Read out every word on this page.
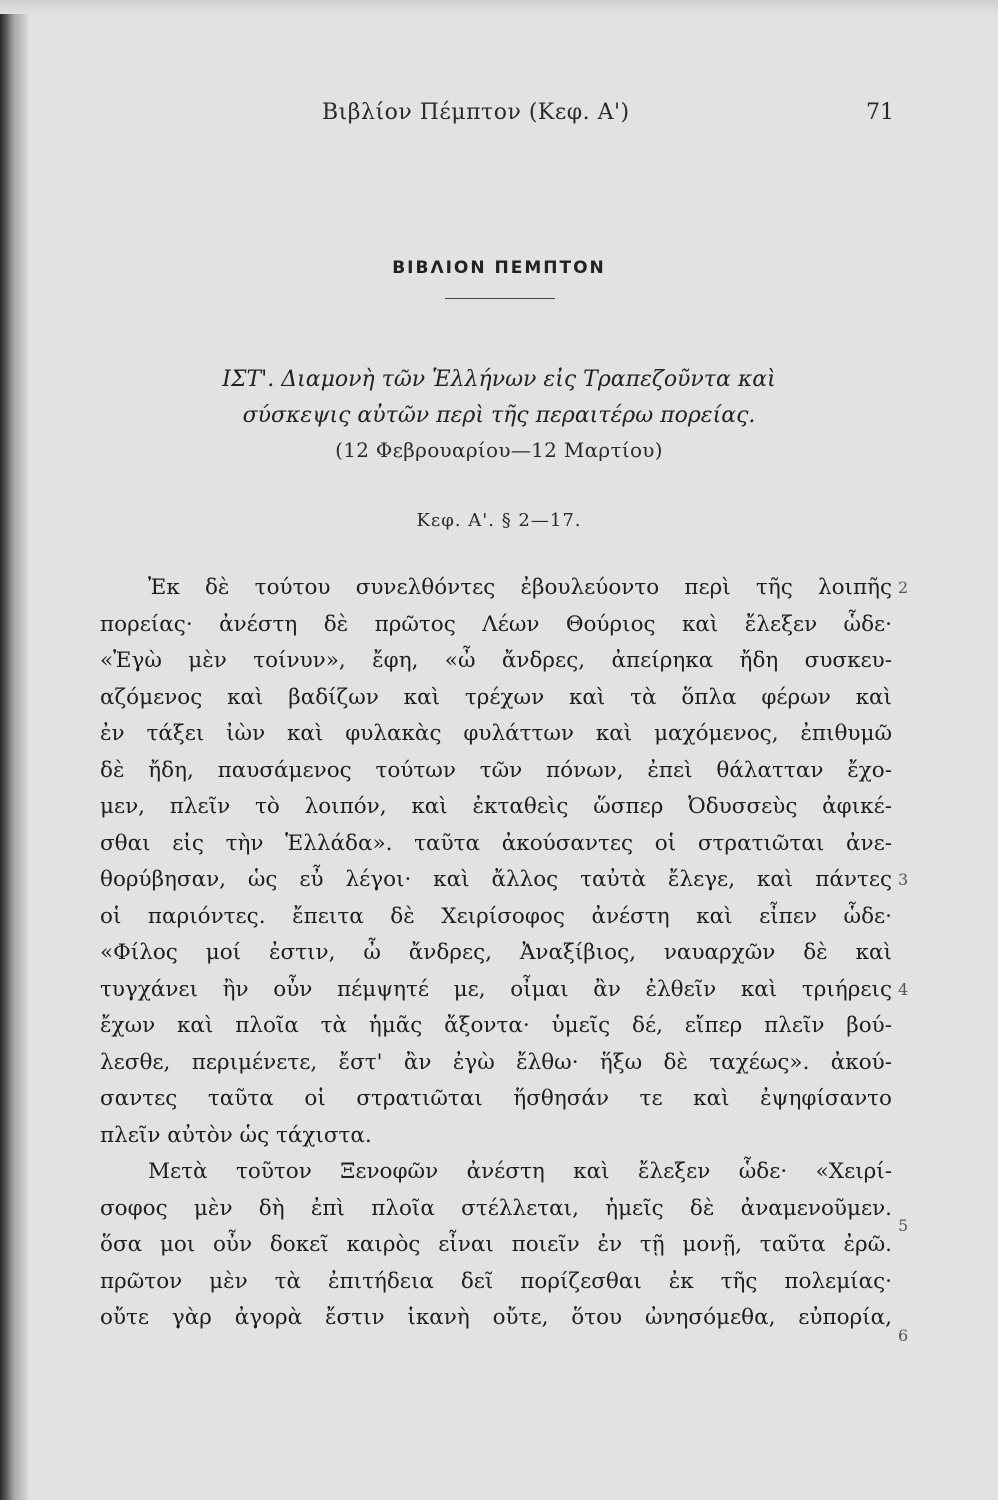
Βιβλίον Πέμπτον (Κεφ. Α')	71
ΒΙΒΛΙΟΝ ΠΕΜΠΤΟΝ
ΙΣΤ'. Διαμονὴ τῶν Ἑλλήνων εἰς Τραπεζοῦντα καὶ
σύσκεψις αὐτῶν περὶ τῆς περαιτέρω πορείας.
(12 Φεβρουαρίου—12 Μαρτίου)
Κεφ. Α'. § 2—17.
Ἐκ δὲ τούτου συνελθόντες ἐβουλεύοντο περὶ τῆς λοιπῆς
πορείας· ἀνέστη δὲ πρῶτος Λέων Θούριος καὶ ἔλεξεν ὧδε·
«Ἐγὼ μὲν τοίνυν», ἔφη, «ὦ ἄνδρες, ἀπείρηκα ἤδη συσκευ-
αζόμενος καὶ βαδίζων καὶ τρέχων καὶ τὰ ὅπλα φέρων καὶ
ἐν τάξει ἰὼν καὶ φυλακὰς φυλάττων καὶ μαχόμενος, ἐπιθυμῶ
δὲ ἤδη, παυσάμενος τούτων τῶν πόνων, ἐπεὶ θάλατταν ἔχο-
μεν, πλεῖν τὸ λοιπόν, καὶ ἐκταθεὶς ὥσπερ Ὀδυσσεὺς ἀφικέ-
σθαι εἰς τὴν Ἑλλάδα». ταῦτα ἀκούσαντες οἱ στρατιῶται ἀνε-
θορύβησαν, ὡς εὖ λέγοι· καὶ ἄλλος ταὐτὰ ἔλεγε, καὶ πάντες
οἱ παριόντες. ἔπειτα δὲ Χειρίσοφος ἀνέστη καὶ εἶπεν ὧδε·
«Φίλος μοί ἐστιν, ὦ ἄνδρες, Ἀναξίβιος, ναυαρχῶν δὲ καὶ
τυγχάνει ἢν οὖν πέμψητέ με, οἶμαι ἂν ἐλθεῖν καὶ τριήρεις
ἔχων καὶ πλοῖα τὰ ἡμᾶς ἄξοντα· ὑμεῖς δέ, εἴπερ πλεῖν βού-
λεσθε, περιμένετε, ἔστ' ἂν ἐγὼ ἔλθω· ἥξω δὲ ταχέως». ἀκού-
σαντες ταῦτα οἱ στρατιῶται ἥσθησάν τε καὶ ἐψηφίσαντο
πλεῖν αὐτὸν ὡς τάχιστα.
Μετὰ τοῦτον Ξενοφῶν ἀνέστη καὶ ἔλεξεν ὧδε· «Χειρί-
σοφος μὲν δὴ ἐπὶ πλοῖα στέλλεται, ἡμεῖς δὲ ἀναμενοῦμεν.
ὅσα μοι οὖν δοκεῖ καιρὸς εἶναι ποιεῖν ἐν τῇ μονῇ, ταῦτα ἐρῶ.
πρῶτον μὲν τὰ ἐπιτήδεια δεῖ πορίζεσθαι ἐκ τῆς πολεμίας·
οὔτε γὰρ ἀγορὰ ἔστιν ἱκανὴ οὔτε, ὅτου ὠνησόμεθα, εὐπορία,
2
3
4
5
6
